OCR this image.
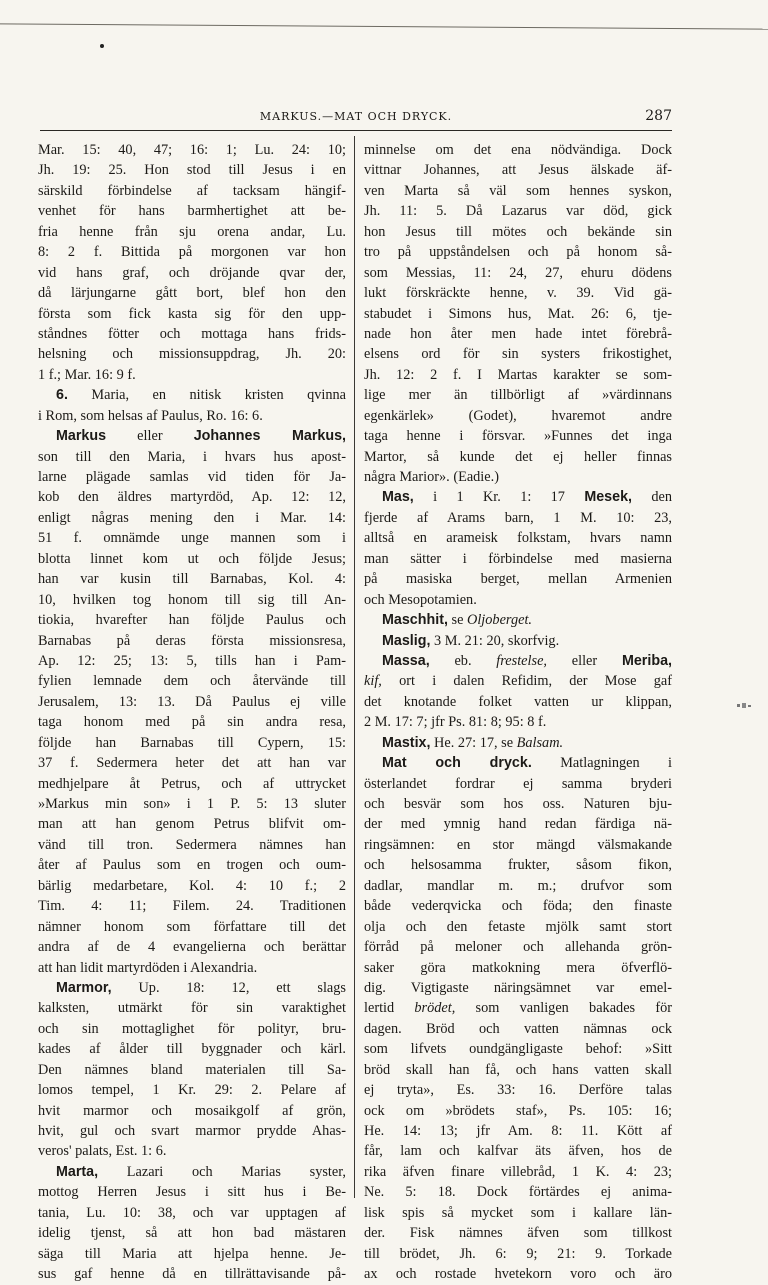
MARKUS.—MAT OCH DRYCK.	287
Mar. 15: 40, 47; 16: 1; Lu. 24: 10;
Jh. 19: 25. Hon stod till Jesus i en
särskild förbindelse af tacksam hängif-
venhet för hans barmhertighet att be-
fria henne från sju orena andar, Lu.
8: 2 f. Bittida på morgonen var hon
vid hans graf, och dröjande qvar der,
då lärjungarne gått bort, blef hon den
första som fick kasta sig för den upp-
ståndnes fötter och mottaga hans frids-
helsning och missionsuppdrag, Jh. 20:
1 f.; Mar. 16: 9 f.
6. Maria, en nitisk kristen qvinna
i Rom, som helsas af Paulus, Ro. 16: 6.
Markus eller Johannes Markus,
son till den Maria, i hvars hus apost-
larne plägade samlas vid tiden för Ja-
kob den äldres martyrdöd, Ap. 12: 12,
enligt någras mening den i Mar. 14:
51 f. omnämde unge mannen som i
blotta linnet kom ut och följde Jesus;
han var kusin till Barnabas, Kol. 4:
10, hvilken tog honom till sig till An-
tiokia, hvarefter han följde Paulus och
Barnabas på deras första missionsresa,
Ap. 12: 25; 13: 5, tills han i Pam-
fylien lemnade dem och återvände till
Jerusalem, 13: 13. Då Paulus ej ville
taga honom med på sin andra resa,
följde han Barnabas till Cypern, 15:
37 f. Sedermera heter det att han var
medhjelpare åt Petrus, och af uttrycket
»Markus min son» i 1 P. 5: 13 sluter
man att han genom Petrus blifvit om-
vänd till tron. Sedermera nämnes han
åter af Paulus som en trogen och oum-
bärlig medarbetare, Kol. 4: 10 f.; 2
Tim. 4: 11; Filem. 24. Traditionen
nämner honom som författare till det
andra af de 4 evangelierna och berättar
att han lidit martyrdöden i Alexandria.
Marmor, Up. 18: 12, ett slags
kalksten, utmärkt för sin varaktighet
och sin mottaglighet för polityr, bru-
kades af ålder till byggnader och kärl.
Den nämnes bland materialen till Sa-
lomos tempel, 1 Kr. 29: 2. Pelare af
hvit marmor och mosaikgolf af grön,
hvit, gul och svart marmor prydde Ahas-
veros' palats, Est. 1: 6.
Marta, Lazari och Marias syster,
mottog Herren Jesus i sitt hus i Be-
tania, Lu. 10: 38, och var upptagen af
idelig tjenst, så att hon bad mästaren
säga till Maria att hjelpa henne. Je-
sus gaf henne då en tillrättavisande på-
minnelse om det ena nödvändiga. Dock
vittnar Johannes, att Jesus älskade äf-
ven Marta så väl som hennes syskon,
Jh. 11: 5. Då Lazarus var död, gick
hon Jesus till mötes och bekände sin
tro på uppståndelsen och på honom så-
som Messias, 11: 24, 27, ehuru dödens
lukt förskräckte henne, v. 39. Vid gä-
stabudet i Simons hus, Mat. 26: 6, tje-
nade hon åter men hade intet förebrå-
elsens ord för sin systers frikostighet,
Jh. 12: 2 f. I Martas karakter se som-
lige mer än tillbörligt af »värdinnans
egenkärlek» (Godet), hvaremot andre
taga henne i försvar. »Funnes det inga
Martor, så kunde det ej heller finnas
några Marior». (Eadie.)
Mas, i 1 Kr. 1: 17 Mesek, den
fjerde af Arams barn, 1 M. 10: 23,
alltså en arameisk folkstam, hvars namn
man sätter i förbindelse med masierna
på masiska berget, mellan Armenien
och Mesopotamien.
Maschhit, se Oljoberget.
Maslig, 3 M. 21: 20, skorfvig.
Massa, eb. frestelse, eller Meriba,
kif, ort i dalen Refidim, der Mose gaf
det knotande folket vatten ur klippan,
2 M. 17: 7; jfr Ps. 81: 8; 95: 8 f.
Mastix, He. 27: 17, se Balsam.
Mat och dryck. Matlagningen i
österlandet fordrar ej samma bryderi
och besvär som hos oss. Naturen bju-
der med ymnig hand redan färdiga nä-
ringsämnen: en stor mängd välsmakande
och helsosamma frukter, såsom fikon,
dadlar, mandlar m. m.; drufvor som
både vederqvicka och föda; den finaste
olja och den fetaste mjölk samt stort
förråd på meloner och allehanda grön-
saker göra matkokning mera öfverflö-
dig. Vigtigaste näringsämnet var emel-
lertid brödet, som vanligen bakades för
dagen. Bröd och vatten nämnas ock
som lifvets oundgängligaste behof: »Sitt
bröd skall han få, och hans vatten skall
ej tryta», Es. 33: 16. Derföre talas
ock om »brödets staf», Ps. 105: 16;
He. 14: 13; jfr Am. 8: 11. Kött af
får, lam och kalfvar äts äfven, hos de
rika äfven finare villebråd, 1 K. 4: 23;
Ne. 5: 18. Dock förtärdes ej anima-
lisk spis så mycket som i kallare län-
der. Fisk nämnes äfven som tillkost
till brödet, Jh. 6: 9; 21: 9. Torkade
ax och rostade hvetekorn voro och äro
